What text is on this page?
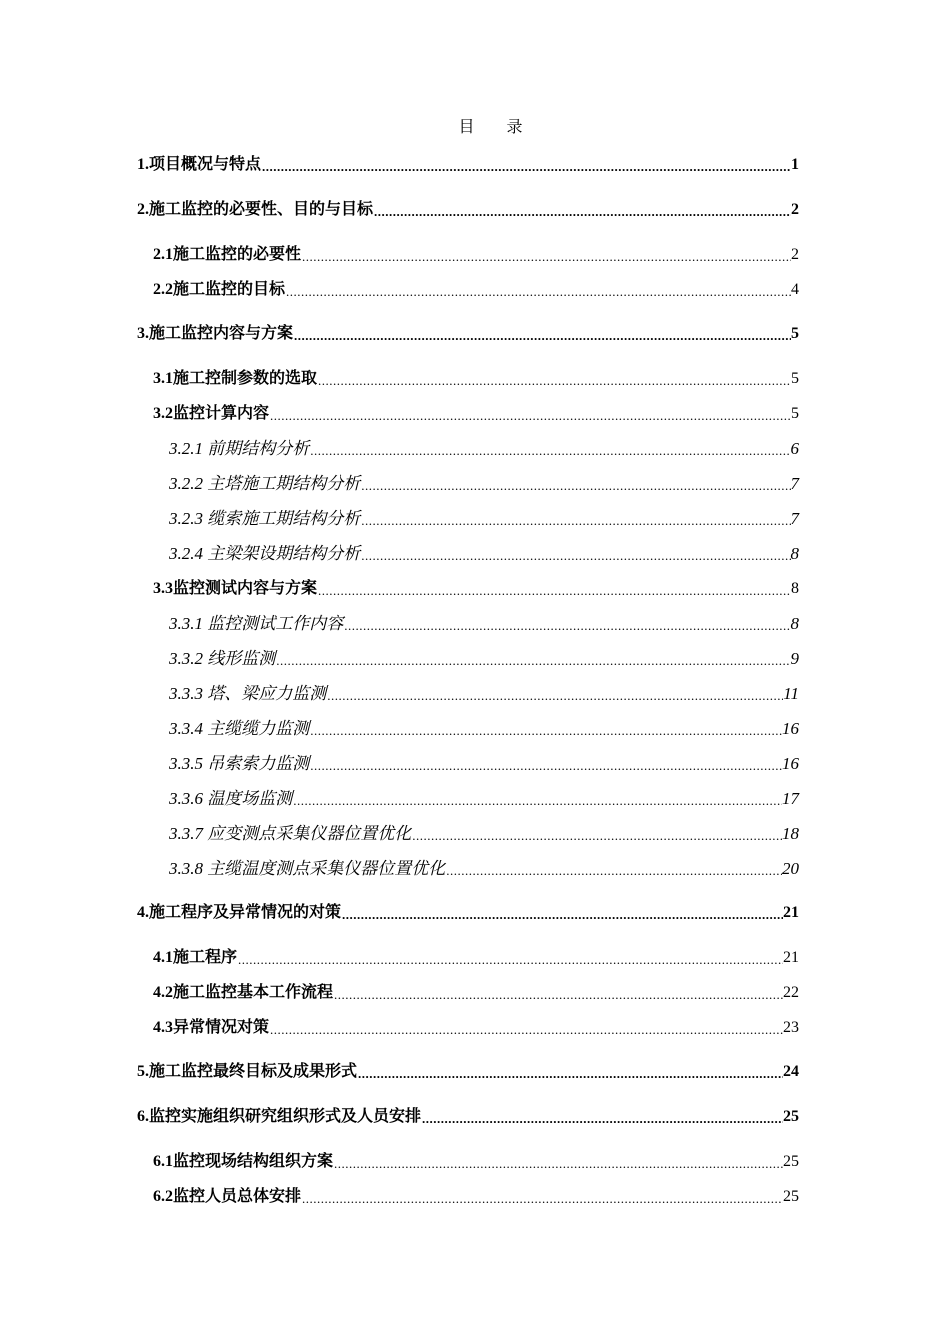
目 录
1.项目概况与特点 .....	1
2.施工监控的必要性、目的与目标 .....	2
2.1施工监控的必要性 .....	2
2.2施工监控的目标 .....	4
3.施工监控内容与方案 .....	5
3.1施工控制参数的选取 .....	5
3.2监控计算内容 .....	5
3.2.1 前期结构分析 .....	6
3.2.2 主塔施工期结构分析 .....	7
3.2.3 缆索施工期结构分析 .....	7
3.2.4 主梁架设期结构分析 .....	8
3.3监控测试内容与方案 .....	8
3.3.1 监控测试工作内容 .....	8
3.3.2 线形监测 .....	9
3.3.3 塔、梁应力监测 .....	11
3.3.4 主缆缆力监测 .....	16
3.3.5 吊索索力监测 .....	16
3.3.6 温度场监测 .....	17
3.3.7 应变测点采集仪器位置优化 .....	18
3.3.8 主缆温度测点采集仪器位置优化 .....	20
4.施工程序及异常情况的对策 .....	21
4.1施工程序 .....	21
4.2施工监控基本工作流程 .....	22
4.3异常情况对策 .....	23
5.施工监控最终目标及成果形式 .....	24
6.监控实施组织研究组织形式及人员安排 .....	25
6.1监控现场结构组织方案 .....	25
6.2监控人员总体安排 .....	25
